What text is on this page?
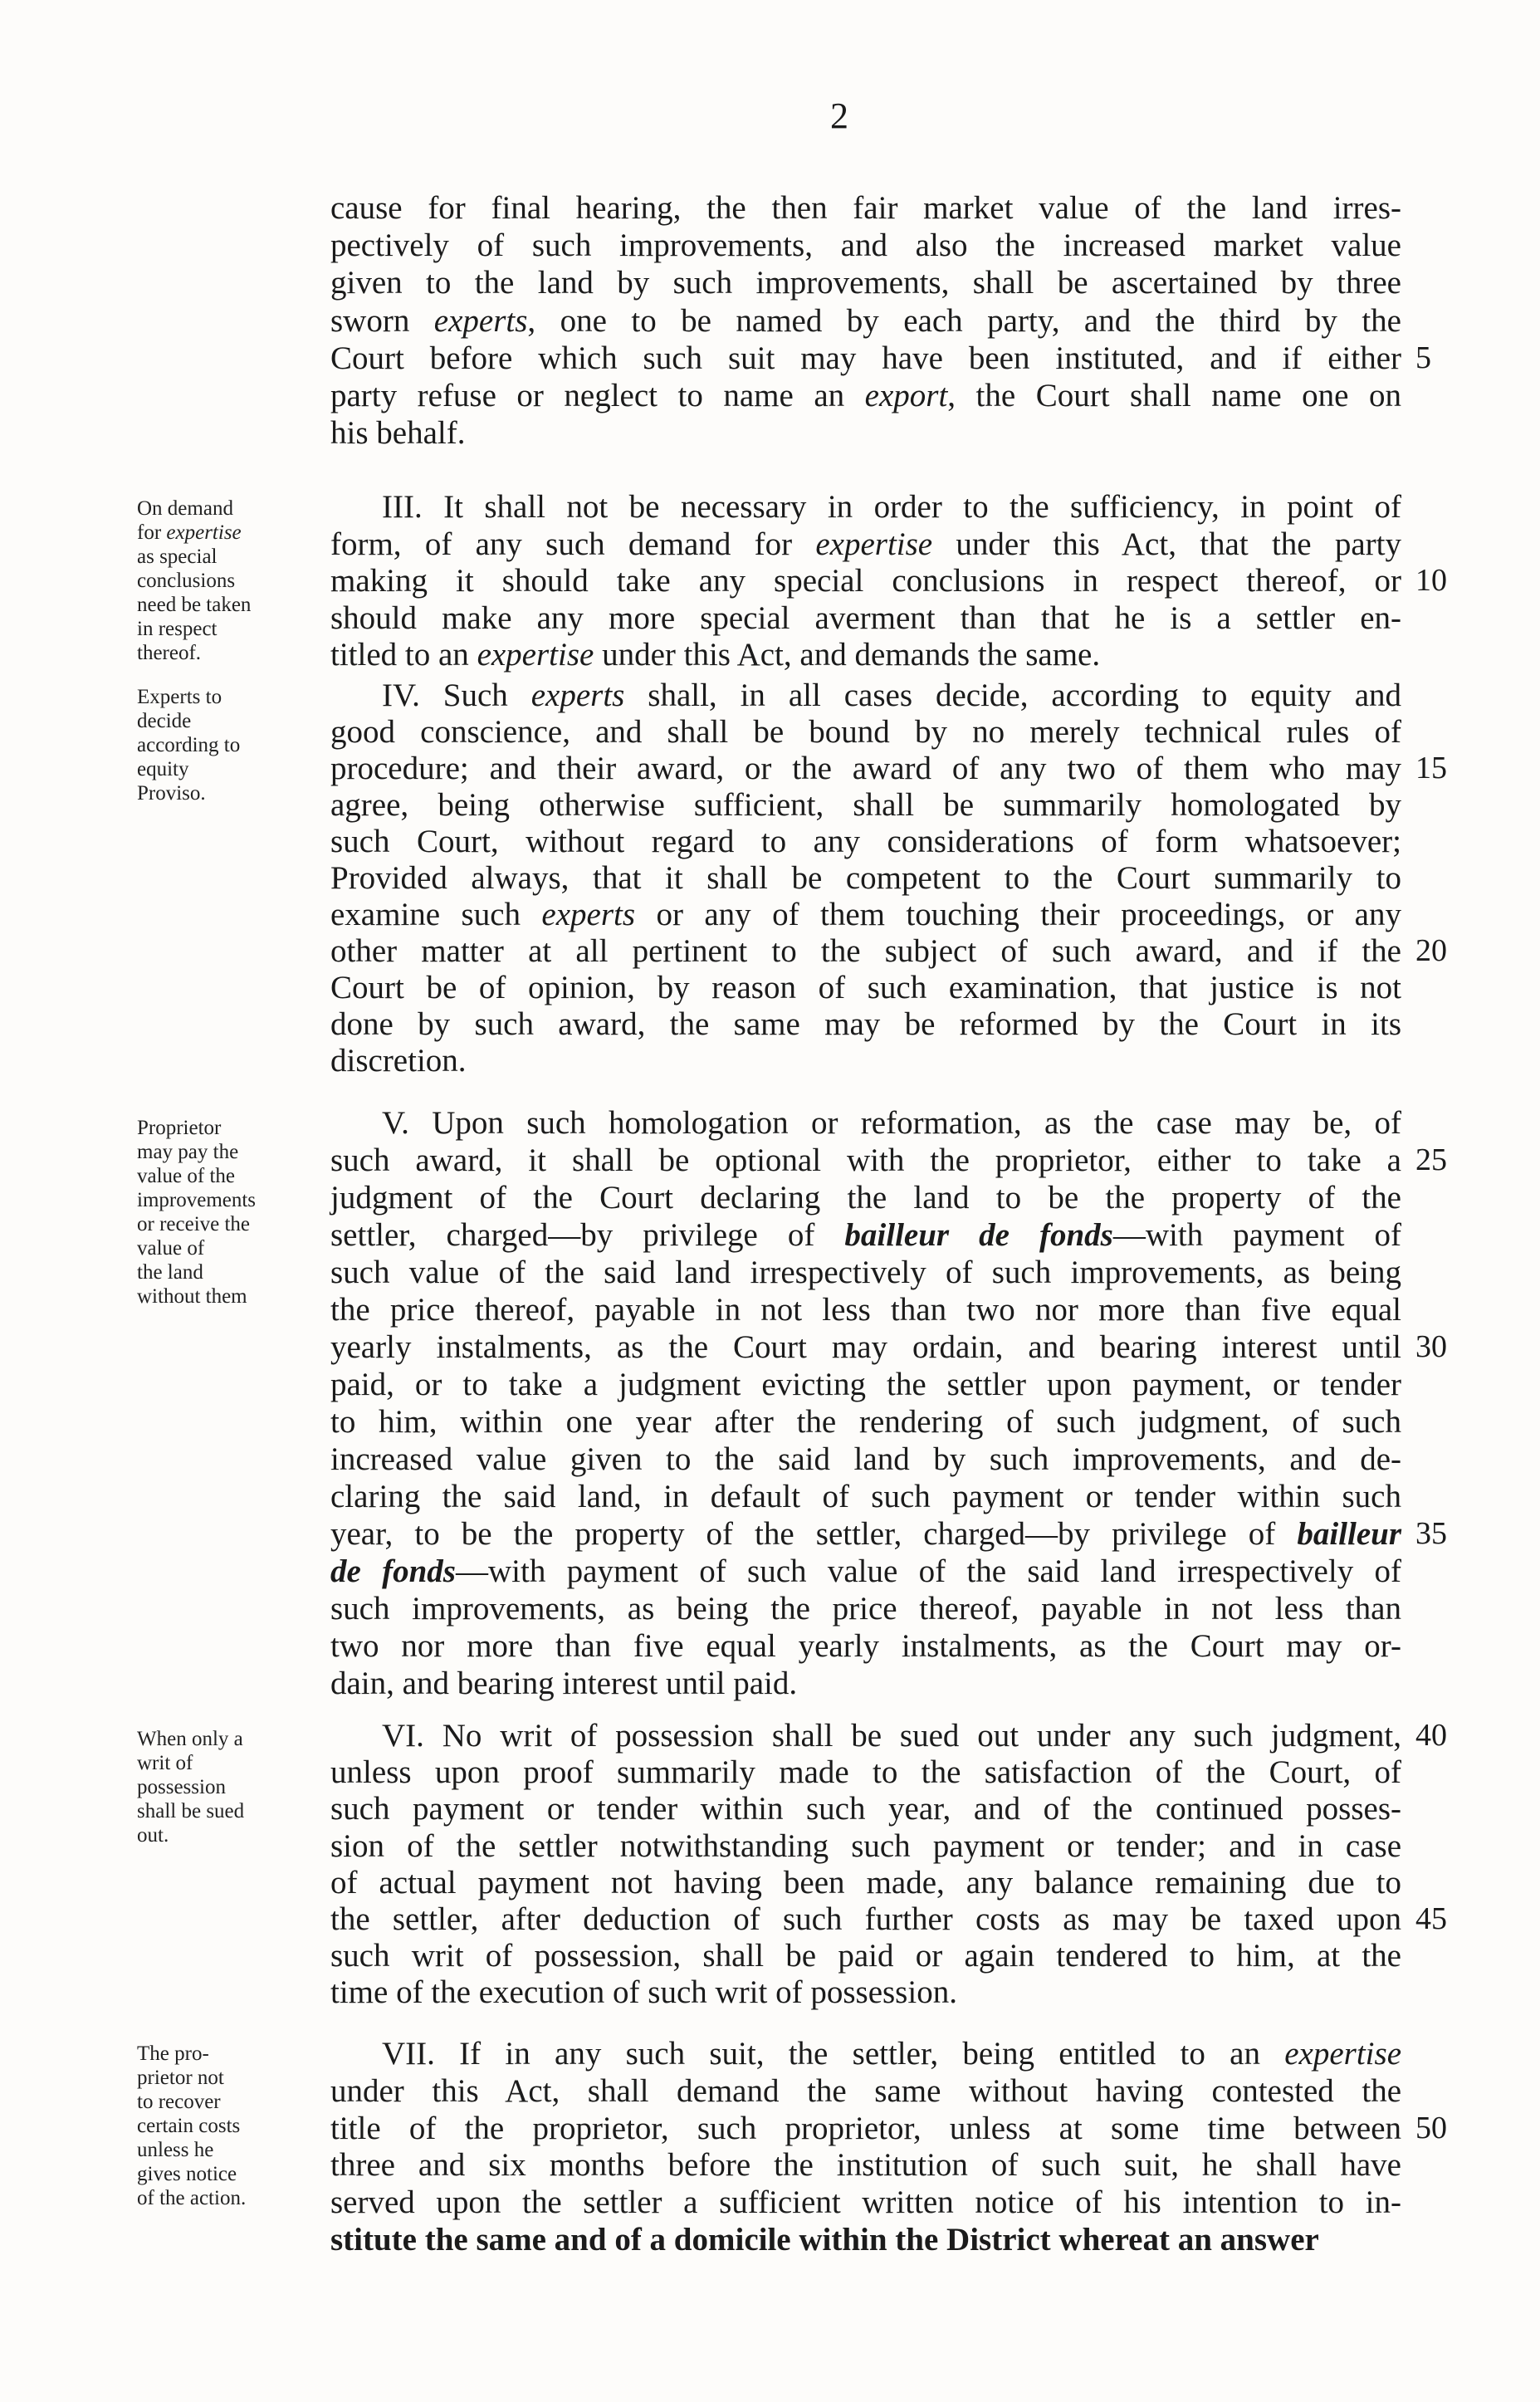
2
cause for final hearing, the then fair market value of the land irres-
pectively of such improvements, and also the increased market value
given to the land by such improvements, shall be ascertained by three
sworn experts, one to be named by each party, and the third by the
Court before which such suit may have been instituted, and if either 5
party refuse or neglect to name an export, the Court shall name one on
his behalf.
On demand
for expertise
as special
conclusions
need be taken
in respect
thereof.
III. It shall not be necessary in order to the sufficiency, in point of
form, of any such demand for expertise under this Act, that the party
making it should take any special conclusions in respect thereof, or 10
should make any more special averment than that he is a settler en-
titled to an expertise under this Act, and demands the same.
Experts to
decide
according to
equity
Proviso.
IV. Such experts shall, in all cases decide, according to equity and
good conscience, and shall be bound by no merely technical rules of
procedure; and their award, or the award of any two of them who may 15
agree, being otherwise sufficient, shall be summarily homologated by
such Court, without regard to any considerations of form whatsoever;
Provided always, that it shall be competent to the Court summarily to
examine such experts or any of them touching their proceedings, or any
other matter at all pertinent to the subject of such award, and if the 20
Court be of opinion, by reason of such examination, that justice is not
done by such award, the same may be reformed by the Court in its
discretion.
Proprietor
may pay the
value of the
improvements
or receive the
value of
the land
without them
V. Upon such homologation or reformation, as the case may be, of
such award, it shall be optional with the proprietor, either to take a 25
judgment of the Court declaring the land to be the property of the
settler, charged—by privilege of bailleur de fonds—with payment of
such value of the said land irrespectively of such improvements, as being
the price thereof, payable in not less than two nor more than five equal
yearly instalments, as the Court may ordain, and bearing interest until 30
paid, or to take a judgment evicting the settler upon payment, or tender
to him, within one year after the rendering of such judgment, of such
increased value given to the said land by such improvements, and de-
claring the said land, in default of such payment or tender within such
year, to be the property of the settler, charged—by privilege of bailleur 35
de fonds—with payment of such value of the said land irrespectively of
such improvements, as being the price thereof, payable in not less than
two nor more than five equal yearly instalments, as the Court may or-
dain, and bearing interest until paid.
When only a
writ of
possession
shall be sued
out.
VI. No writ of possession shall be sued out under any such judgment, 40
unless upon proof summarily made to the satisfaction of the Court, of
such payment or tender within such year, and of the continued posses-
sion of the settler notwithstanding such payment or tender; and in case
of actual payment not having been made, any balance remaining due to
the settler, after deduction of such further costs as may be taxed upon 45
such writ of possession, shall be paid or again tendered to him, at the
time of the execution of such writ of possession.
The pro-
prietor not
to recover
certain costs
unless he
gives notice
of the action.
VII. If in any such suit, the settler, being entitled to an expertise
under this Act, shall demand the same without having contested the
title of the proprietor, such proprietor, unless at some time between 50
three and six months before the institution of such suit, he shall have
served upon the settler a sufficient written notice of his intention to in-
stitute the same and of a domicile within the District whereat an answer
